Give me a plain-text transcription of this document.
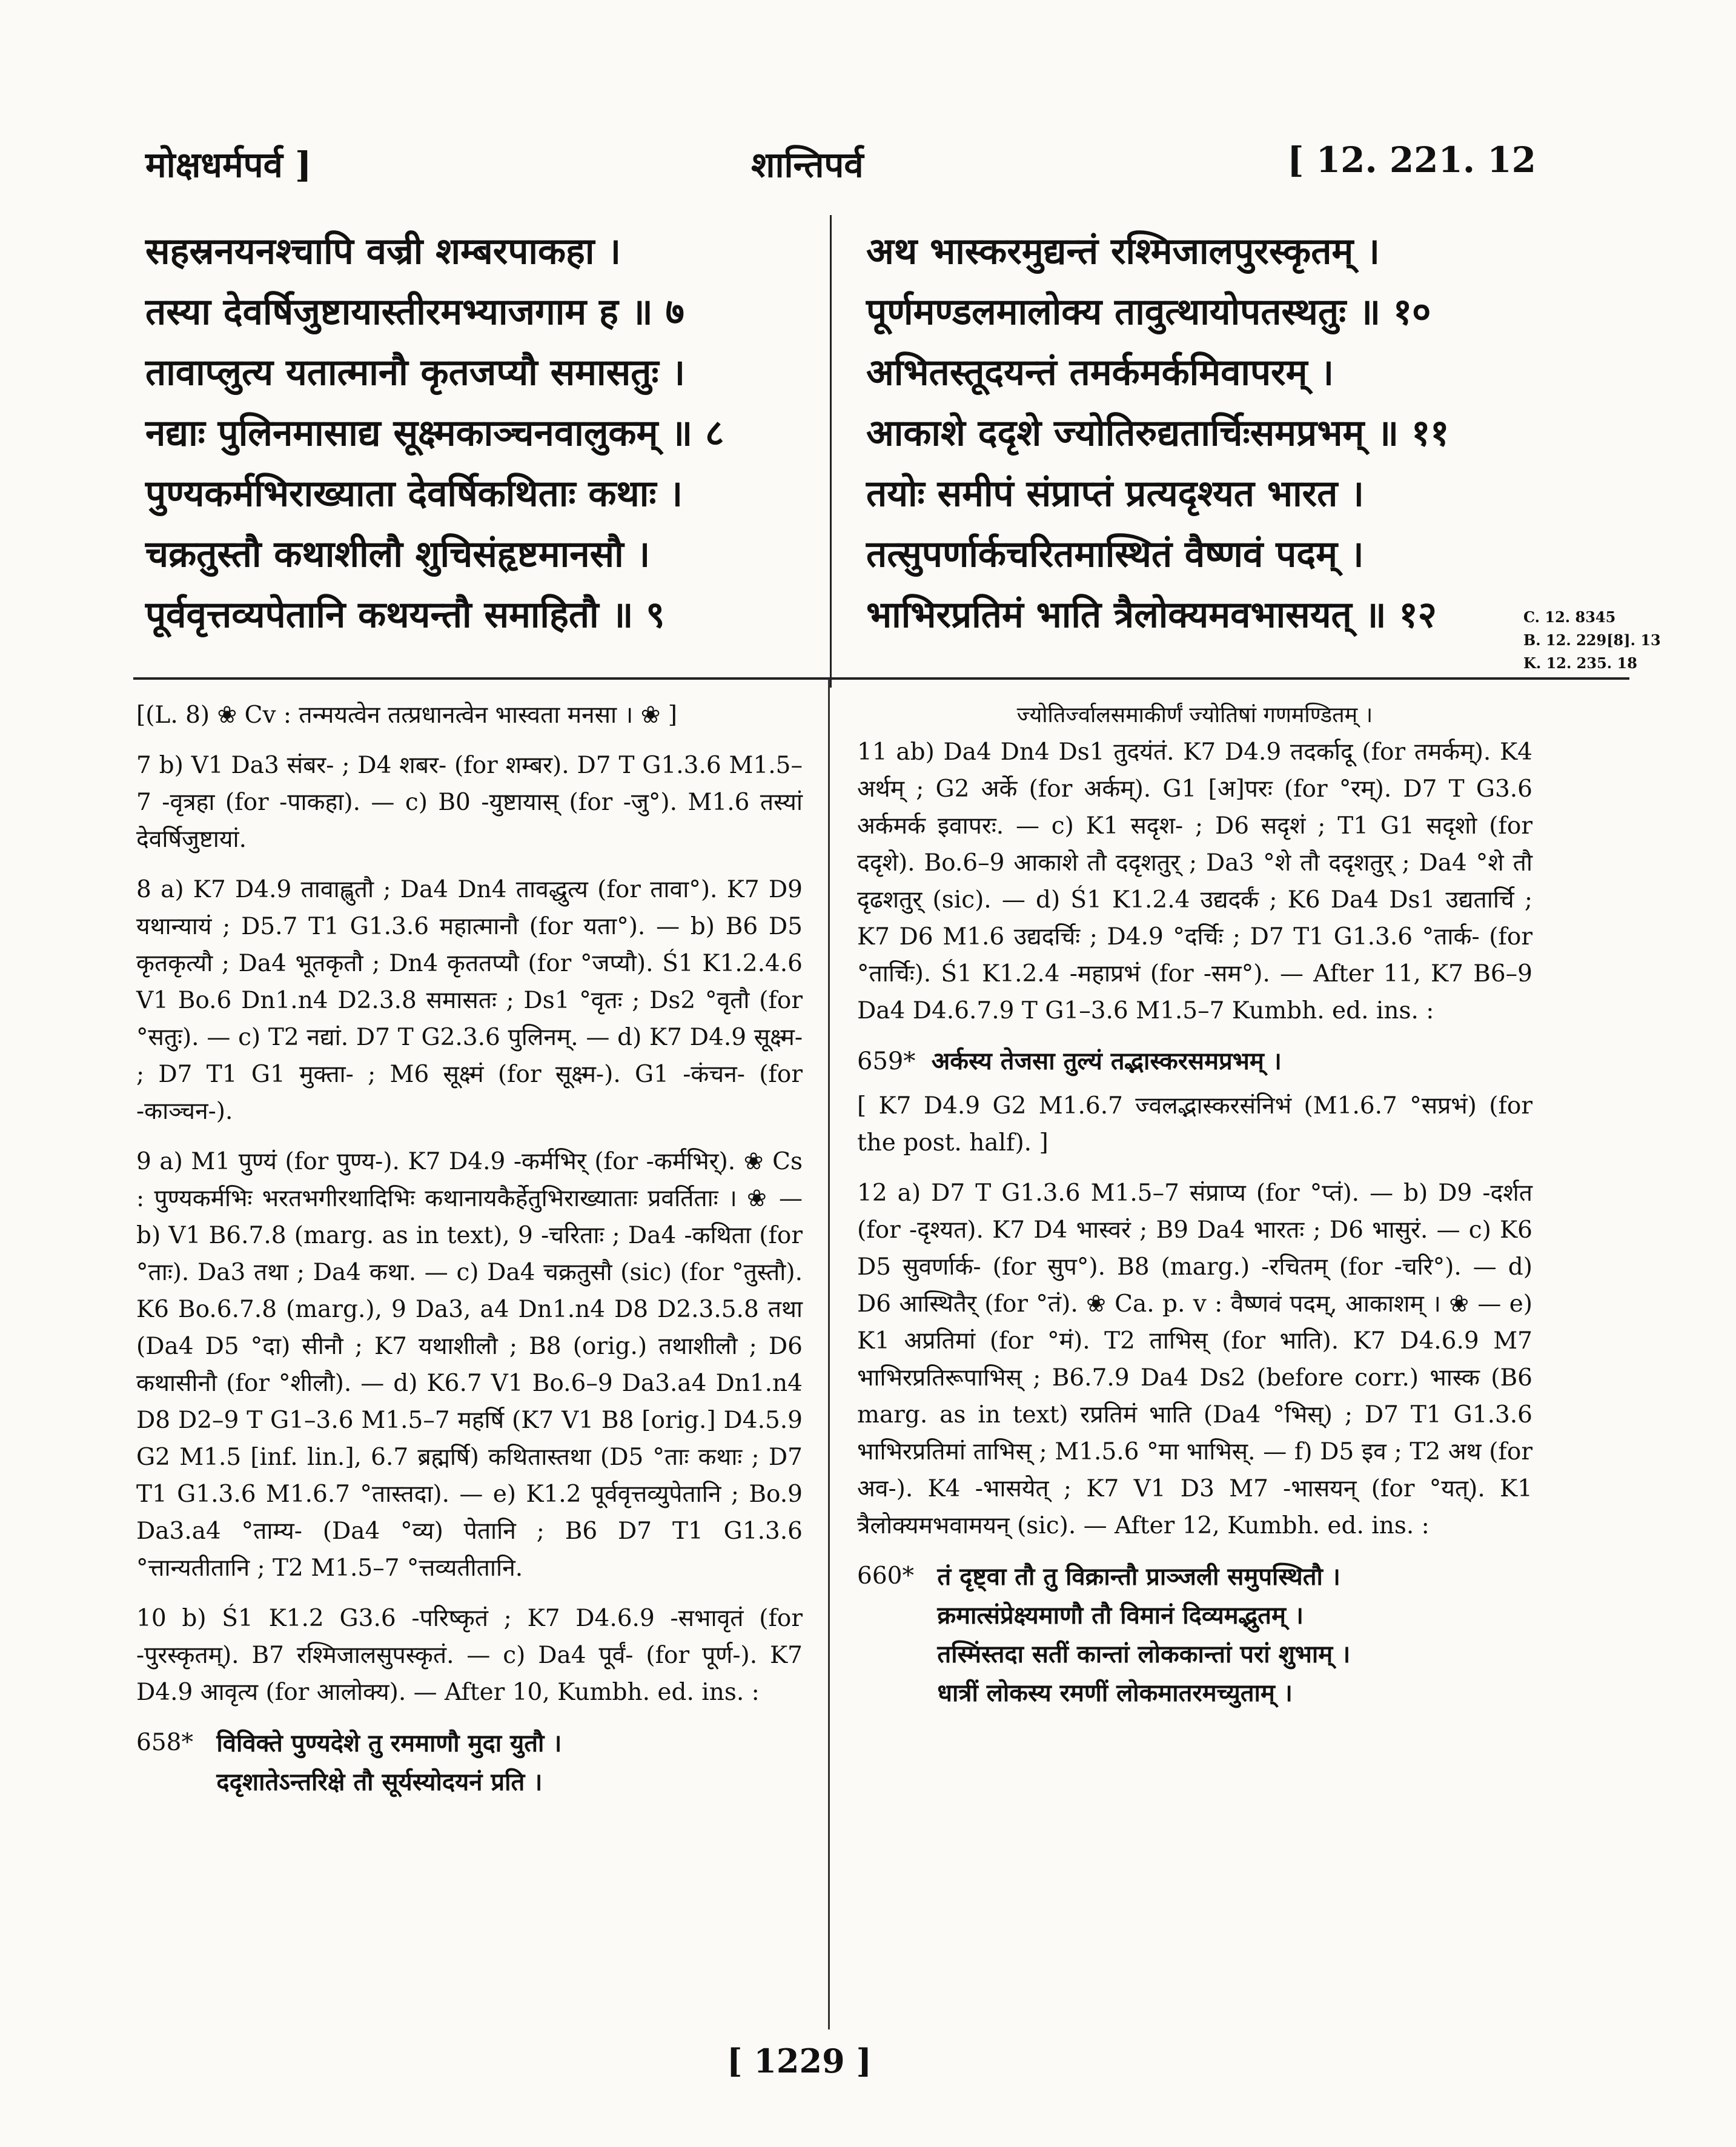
मोक्षधर्मपर्व ]	शान्तिपर्व	[ 12. 221. 12
सहस्रनयनश्चापि वज्री शम्बरपाकहा ।
तस्या देवर्षिजुष्टायास्तीरमभ्याजगाम ह ॥ ७
तावाप्लुत्य यतात्मानौ कृतजप्यौ समासतुः ।
नद्याः पुलिनमासाद्य सूक्ष्मकाञ्चनवालुकम् ॥ ८
पुण्यकर्मभिराख्याता देवर्षिकथिताः कथाः ।
चक्रतुस्तौ कथाशीलौ शुचिसंहृष्टमानसौ ।
पूर्ववृत्तव्यपेतानि कथयन्तौ समाहितौ ॥ ९
अथ भास्करमुद्यन्तं रश्मिजालपुरस्कृतम् ।
पूर्णमण्डलमालोक्य तावुत्थायोपतस्थतुः ॥ १०
अभितस्तूदयन्तं तमर्कमर्कमिवापरम् ।
आकाशे ददृशे ज्योतिरुद्यतार्चिःसमप्रभम् ॥ ११
तयोः समीपं संप्राप्तं प्रत्यदृश्यत भारत ।
तत्सुपर्णार्कचरितमास्थितं वैष्णवं पदम् ।
भाभिरप्रतिमं भाति त्रैलोक्यमवभासयत् ॥ १२	C. 12. 8345
B. 12. 229[8]. 13
K. 12. 235. 18

[(L. 8) ❀ Cv : तन्मयत्वेन तत्प्रधानत्वेन भास्वता मनसा । ❀ ]

7 b) V1 Da3 संबर- ; D4 शबर- (for शम्बर). D7 T G1.3.6 M1.5–7 -वृत्रहा (for -पाकहा). — c) B0 -युष्टायास् (for -जु°). M1.6 तस्यां देवर्षिजुष्टायां.

8 a) K7 D4.9 तावाह्लुतौ ; Da4 Dn4 तावद्धुत्य (for तावा°). K7 D9 यथान्यायं ; D5.7 T1 G1.3.6 महात्मानौ (for यता°). — b) B6 D5 कृतकृत्यौ ; Da4 भूतकृतौ ; Dn4 कृततप्यौ (for °जप्यौ). Ś1 K1.2.4.6 V1 Bo.6 Dn1.n4 D2.3.8 समासतः ; Ds1 °वृतः ; Ds2 °वृतौ (for °सतुः). — c) T2 नद्यां. D7 T G2.3.6 पुलिनम्. — d) K7 D4.9 सूक्ष्म- ; D7 T1 G1 मुक्ता- ; M6 सूक्ष्मं (for सूक्ष्म-). G1 -कंचन- (for -काञ्चन-).

9 a) M1 पुण्यं (for पुण्य-). K7 D4.9 -कर्मभिर् (for -कर्मभिर्). ❀ Cs : पुण्यकर्मभिः भरतभगीरथादिभिः कथानायकैर्हेतुभिराख्याताः प्रवर्तिताः । ❀ — b) V1 B6.7.8 (marg. as in text), 9 -चरिताः ; Da4 -कथिता (for °ताः). Da3 तथा ; Da4 कथा. — c) Da4 चक्रतुसौ (sic) (for °तुस्तौ). K6 Bo.6.7.8 (marg.), 9 Da3, a4 Dn1.n4 D8 D2.3.5.8 तथा (Da4 D5 °दा) सीनौ ; K7 यथाशीलौ ; B8 (orig.) तथाशीलौ ; D6 कथासीनौ (for °शीलौ). — d) K6.7 V1 Bo.6–9 Da3.a4 Dn1.n4 D8 D2–9 T G1–3.6 M1.5–7 महर्षि (K7 V1 B8 [orig.] D4.5.9 G2 M1.5 [inf. lin.], 6.7 ब्रह्मर्षि) कथितास्तथा (D5 °ताः कथाः ; D7 T1 G1.3.6 M1.6.7 °तास्तदा). — e) K1.2 पूर्ववृत्तव्युपेतानि ; Bo.9 Da3.a4 °ताम्य- (Da4 °व्य) पेतानि ; B6 D7 T1 G1.3.6 °त्तान्यतीतानि ; T2 M1.5–7 °त्तव्यतीतानि.

10 b) Ś1 K1.2 G3.6 -परिष्कृतं ; K7 D4.6.9 -सभावृतं (for -पुरस्कृतम्). B7 रश्मिजालसुपस्कृतं. — c) Da4 पूर्वं- (for पूर्ण-). K7 D4.9 आवृत्य (for आलोक्य). — After 10, Kumbh. ed. ins. :

658* विविक्ते पुण्यदेशे तु रममाणौ मुदा युतौ ।
ददृशातेऽन्तरिक्षे तौ सूर्यस्योदयनं प्रति ।
ज्योतिर्ज्वालसमाकीर्णं ज्योतिषां गणमण्डितम् ।

11 ab) Da4 Dn4 Ds1 तुदयंतं. K7 D4.9 तदर्कादू (for तमर्कम्). K4 अर्थम् ; G2 अर्के (for अर्कम्). G1 [अ]परः (for °रम्). D7 T G3.6 अर्कमर्क इवापरः. — c) K1 सदृश- ; D6 सदृशं ; T1 G1 सदृशो (for ददृशे). Bo.6–9 आकाशे तौ ददृशतुर् ; Da3 °शे तौ ददृशतुर् ; Da4 °शे तौ दृढशतुर् (sic). — d) Ś1 K1.2.4 उद्यदर्कं ; K6 Da4 Ds1 उद्यतार्चि ; K7 D6 M1.6 उद्यदर्चिः ; D4.9 °दर्चिः ; D7 T1 G1.3.6 °तार्क- (for °तार्चिः). Ś1 K1.2.4 -महाप्रभं (for -सम°). — After 11, K7 B6–9 Da4 D4.6.7.9 T G1–3.6 M1.5–7 Kumbh. ed. ins. :

659* अर्कस्य तेजसा तुल्यं तद्भास्करसमप्रभम् ।

[ K7 D4.9 G2 M1.6.7 ज्वलद्भास्करसंनिभं (M1.6.7 °सप्रभं) (for the post. half). ]

12 a) D7 T G1.3.6 M1.5–7 संप्राप्य (for °प्तं). — b) D9 -दर्शत (for -दृश्यत). K7 D4 भास्वरं ; B9 Da4 भारतः ; D6 भासुरं. — c) K6 D5 सुवर्णार्क- (for सुप°). B8 (marg.) -रचितम् (for -चरि°). — d) D6 आस्थितैर् (for °तं). ❀ Ca. p. v : वैष्णवं पदम्, आकाशम् । ❀ — e) K1 अप्रतिमां (for °मं). T2 ताभिस् (for भाति). K7 D4.6.9 M7 भाभिरप्रतिरूपाभिस् ; B6.7.9 Da4 Ds2 (before corr.) भास्क (B6 marg. as in text) रप्रतिमं भाति (Da4 °भिस्) ; D7 T1 G1.3.6 भाभिरप्रतिमां ताभिस् ; M1.5.6 °मा भाभिस्. — f) D5 इव ; T2 अथ (for अव-). K4 -भासयेत् ; K7 V1 D3 M7 -भासयन् (for °यत्). K1 त्रैलोक्यमभवामयन् (sic). — After 12, Kumbh. ed. ins. :

660* तं दृष्ट्वा तौ तु विक्रान्तौ प्राञ्जली समुपस्थितौ ।
क्रमात्संप्रेक्ष्यमाणौ तौ विमानं दिव्यमद्भुतम् ।
तस्मिंस्तदा सतीं कान्तां लोककान्तां परां शुभाम् ।
धात्रीं लोकस्य रमणीं लोकमातरमच्युताम् ।
[ 1229 ]
